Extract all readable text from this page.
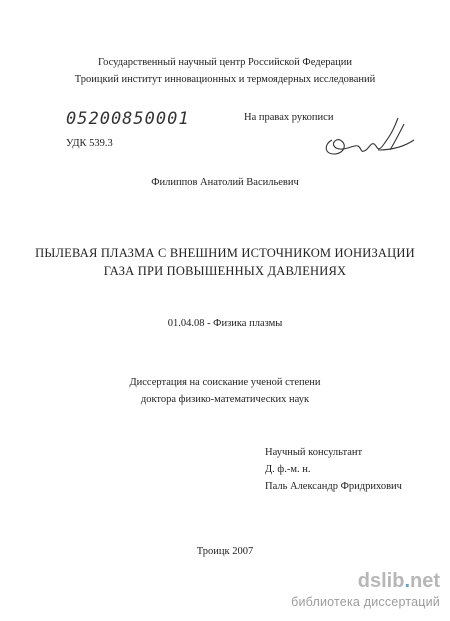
Государственный научный центр Российской Федерации
Троицкий институт инновационных и термоядерных исследований
05200850001	На правах рукописи
УДК 539.3
Филиппов Анатолий Васильевич
ПЫЛЕВАЯ ПЛАЗМА С ВНЕШНИМ ИСТОЧНИКОМ ИОНИЗАЦИИ
ГАЗА ПРИ ПОВЫШЕННЫХ ДАВЛЕНИЯХ
01.04.08 - Физика плазмы
Диссертация на соискание ученой степени
доктора физико-математических наук
Научный консультант
Д. ф.-м. н.
Паль Александр Фридрихович
Троицк 2007
dslib.net
библиотека диссертаций
